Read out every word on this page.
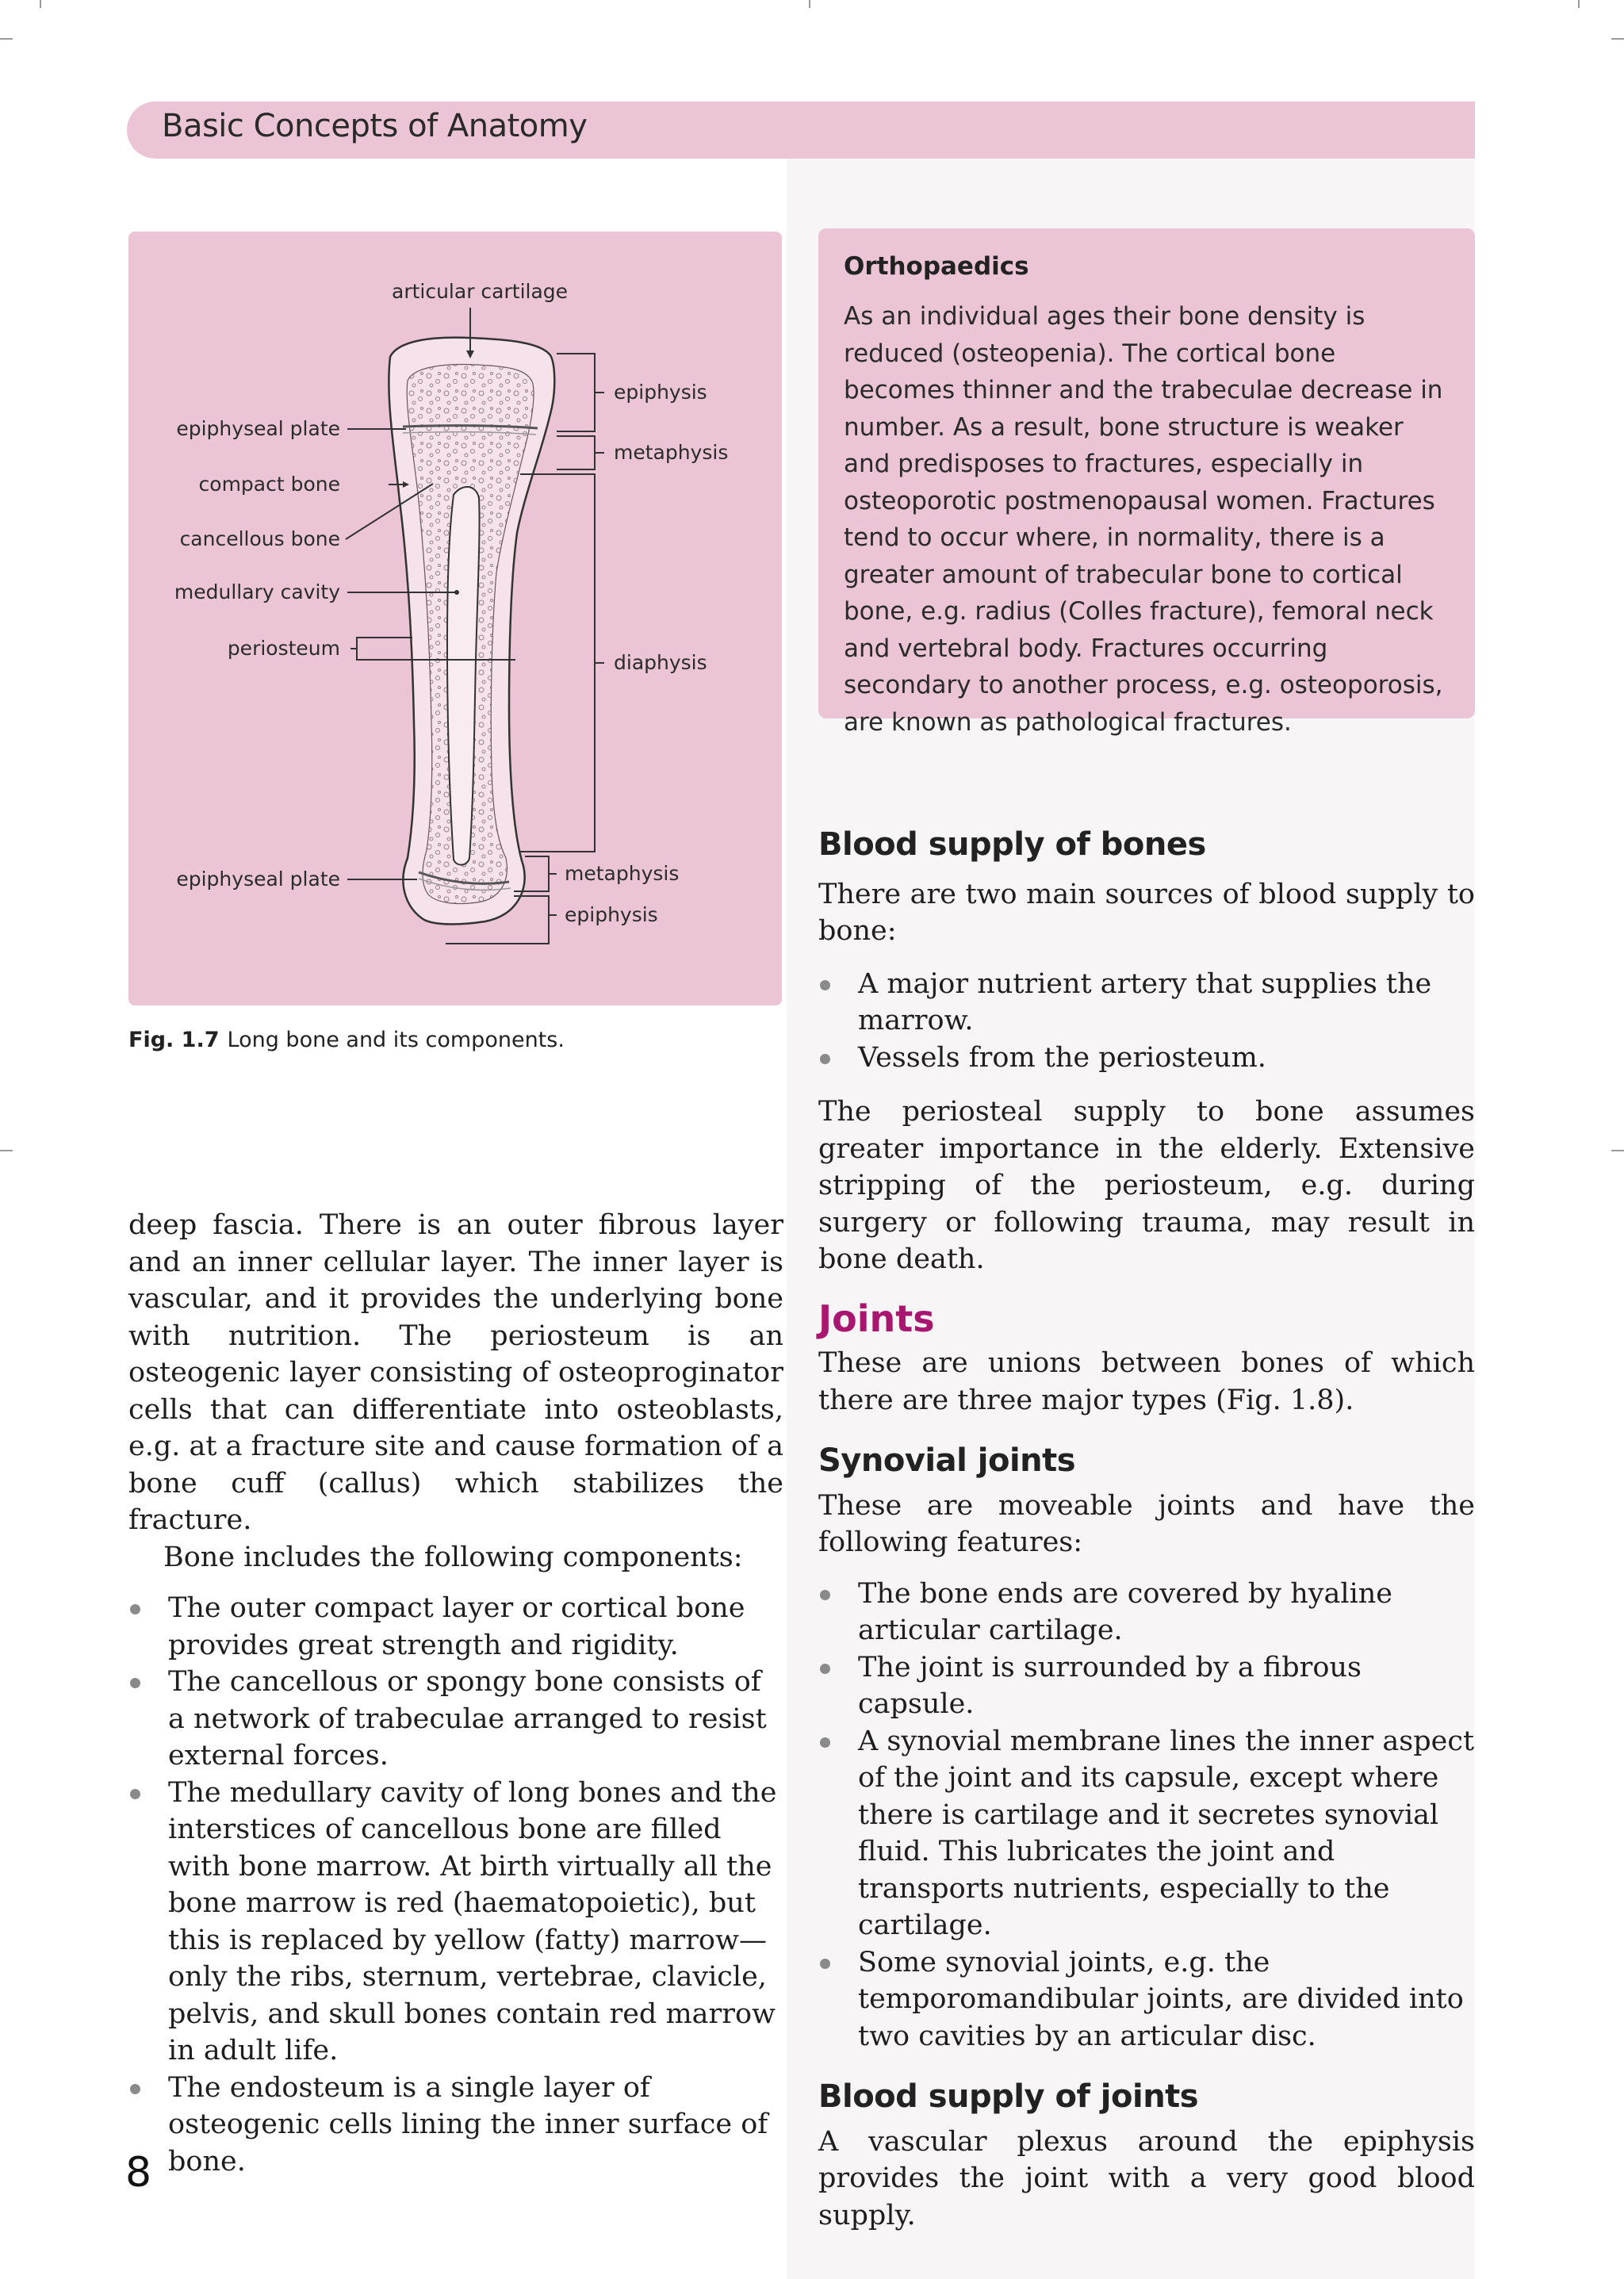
Basic Concepts of Anatomy
articular cartilage
epiphyseal plate
compact bone
cancellous bone
medullary cavity
periosteum
epiphysis
metaphysis
diaphysis
epiphyseal plate	metaphysis
epiphysis
Fig. 1.7 Long bone and its components.
Orthopaedics

As an individual ages their bone density is reduced (osteopenia). The cortical bone becomes thinner and the trabeculae decrease in number. As a result, bone structure is weaker and predisposes to fractures, especially in osteoporotic postmenopausal women. Fractures tend to occur where, in normality, there is a greater amount of trabecular bone to cortical bone, e.g. radius (Colles fracture), femoral neck and vertebral body. Fractures occurring secondary to another process, e.g. osteoporosis, are known as pathological fractures.

deep fascia. There is an outer fibrous layer and an inner cellular layer. The inner layer is vascular, and it provides the underlying bone with nutrition. The periosteum is an osteogenic layer consisting of osteoproginator cells that can differentiate into osteoblasts, e.g. at a fracture site and cause formation of a bone cuff (callus) which stabilizes the fracture.

Bone includes the following components:

The outer compact layer or cortical bone provides great strength and rigidity.
The cancellous or spongy bone consists of a network of trabeculae arranged to resist external forces.
The medullary cavity of long bones and the interstices of cancellous bone are filled with bone marrow. At birth virtually all the bone marrow is red (haematopoietic), but this is replaced by yellow (fatty) marrow—only the ribs, sternum, vertebrae, clavicle, pelvis, and skull bones contain red marrow in adult life.
The endosteum is a single layer of osteogenic cells lining the inner surface of bone.
Blood supply of bones

There are two main sources of blood supply to bone:

A major nutrient artery that supplies the marrow.
Vessels from the periosteum.

The periosteal supply to bone assumes greater importance in the elderly. Extensive stripping of the periosteum, e.g. during surgery or following trauma, may result in bone death.

Joints

These are unions between bones of which there are three major types (Fig. 1.8).

Synovial joints

These are moveable joints and have the following features:

The bone ends are covered by hyaline articular cartilage.
The joint is surrounded by a fibrous capsule.
A synovial membrane lines the inner aspect of the joint and its capsule, except where there is cartilage and it secretes synovial fluid. This lubricates the joint and transports nutrients, especially to the cartilage.
Some synovial joints, e.g. the temporomandibular joints, are divided into two cavities by an articular disc.
Blood supply of joints

A vascular plexus around the epiphysis provides the joint with a very good blood supply.

8
